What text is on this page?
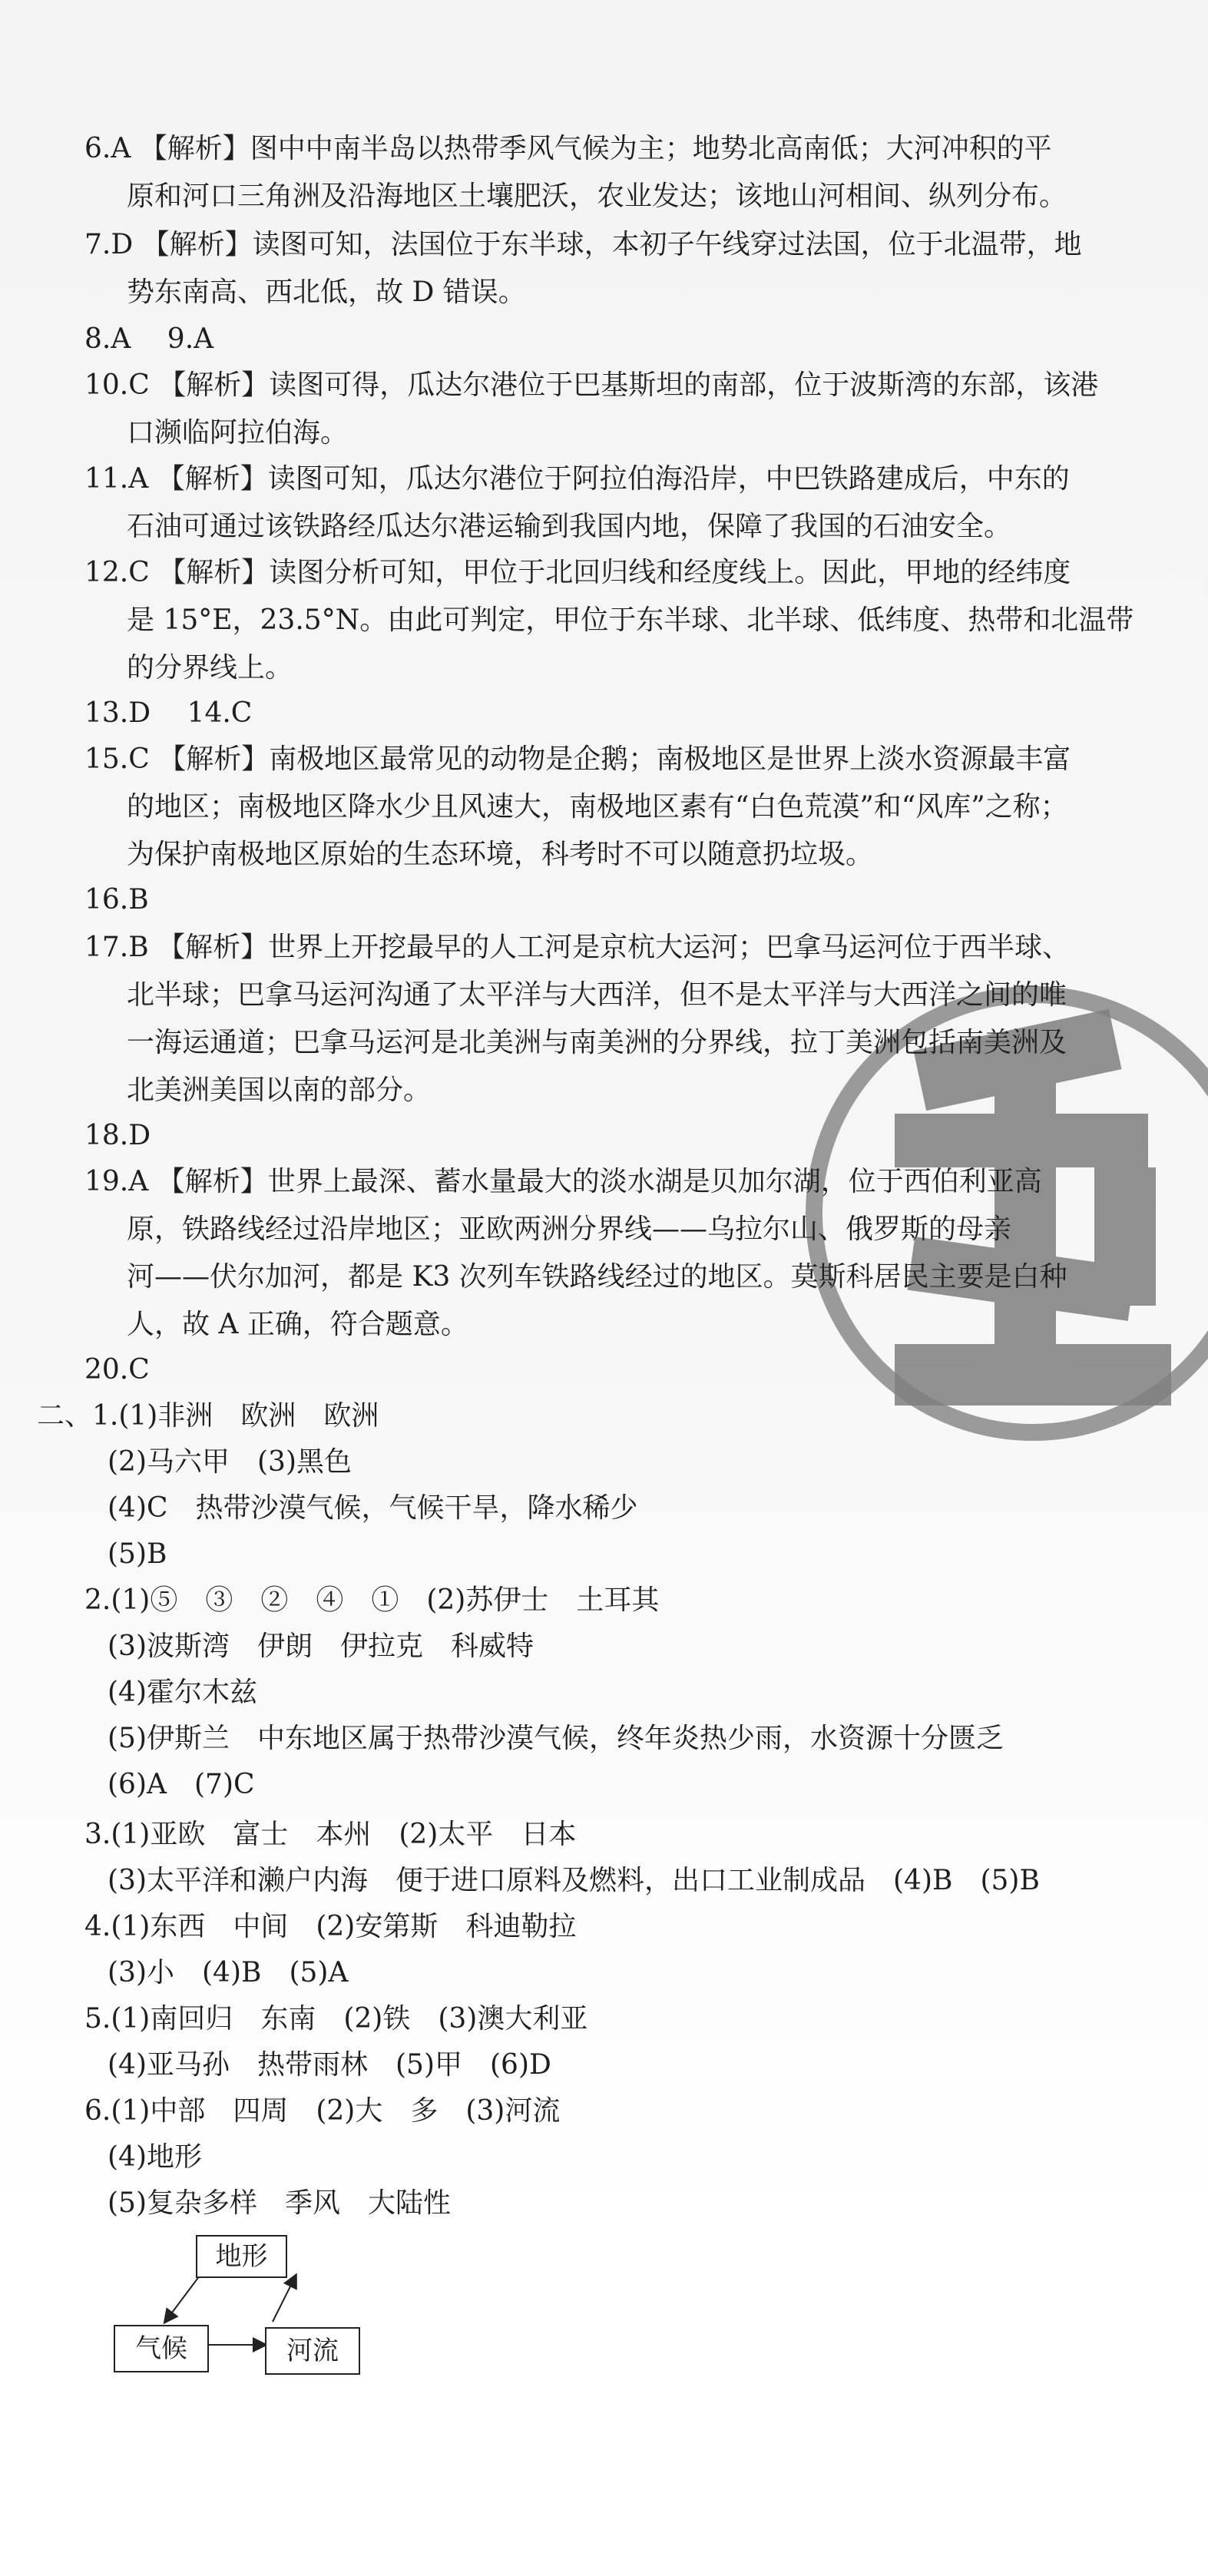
6.A 【解析】图中中南半岛以热带季风气候为主；地势北高南低；大河冲积的平
原和河口三角洲及沿海地区土壤肥沃，农业发达；该地山河相间、纵列分布。
7.D 【解析】读图可知，法国位于东半球，本初子午线穿过法国，位于北温带，地
势东南高、西北低，故 D 错误。
8.A　 9.A
10.C 【解析】读图可得，瓜达尔港位于巴基斯坦的南部，位于波斯湾的东部，该港
口濒临阿拉伯海。
11.A 【解析】读图可知，瓜达尔港位于阿拉伯海沿岸，中巴铁路建成后，中东的
石油可通过该铁路经瓜达尔港运输到我国内地，保障了我国的石油安全。
12.C 【解析】读图分析可知，甲位于北回归线和经度线上。因此，甲地的经纬度
是 15°E，23.5°N。由此可判定，甲位于东半球、北半球、低纬度、热带和北温带
的分界线上。
13.D　 14.C
15.C 【解析】南极地区最常见的动物是企鹅；南极地区是世界上淡水资源最丰富
的地区；南极地区降水少且风速大，南极地区素有“白色荒漠”和“风库”之称；
为保护南极地区原始的生态环境，科考时不可以随意扔垃圾。
16.B
17.B 【解析】世界上开挖最早的人工河是京杭大运河；巴拿马运河位于西半球、
北半球；巴拿马运河沟通了太平洋与大西洋，但不是太平洋与大西洋之间的唯
一海运通道；巴拿马运河是北美洲与南美洲的分界线，拉丁美洲包括南美洲及
北美洲美国以南的部分。
18.D
19.A 【解析】世界上最深、蓄水量最大的淡水湖是贝加尔湖，位于西伯利亚高
原，铁路线经过沿岸地区；亚欧两洲分界线——乌拉尔山、俄罗斯的母亲
河——伏尔加河，都是 K3 次列车铁路线经过的地区。莫斯科居民主要是白种
人，故 A 正确，符合题意。
20.C
二、1.(1)非洲　欧洲　欧洲
(2)马六甲　(3)黑色
(4)C　热带沙漠气候，气候干旱，降水稀少
(5)B
2.(1)⑤　③　②　④　①　(2)苏伊士　土耳其
(3)波斯湾　伊朗　伊拉克　科威特
(4)霍尔木兹
(5)伊斯兰　中东地区属于热带沙漠气候，终年炎热少雨，水资源十分匮乏
(6)A　(7)C
3.(1)亚欧　富士　本州　(2)太平　日本
(3)太平洋和濑户内海　便于进口原料及燃料，出口工业制成品　(4)B　(5)B
4.(1)东西　中间　(2)安第斯　科迪勒拉
(3)小　(4)B　(5)A
5.(1)南回归　东南　(2)铁　(3)澳大利亚
(4)亚马孙　热带雨林　(5)甲　(6)D
6.(1)中部　四周　(2)大　多　(3)河流
(4)地形
(5)复杂多样　季风　大陆性
地形
气候	河流
